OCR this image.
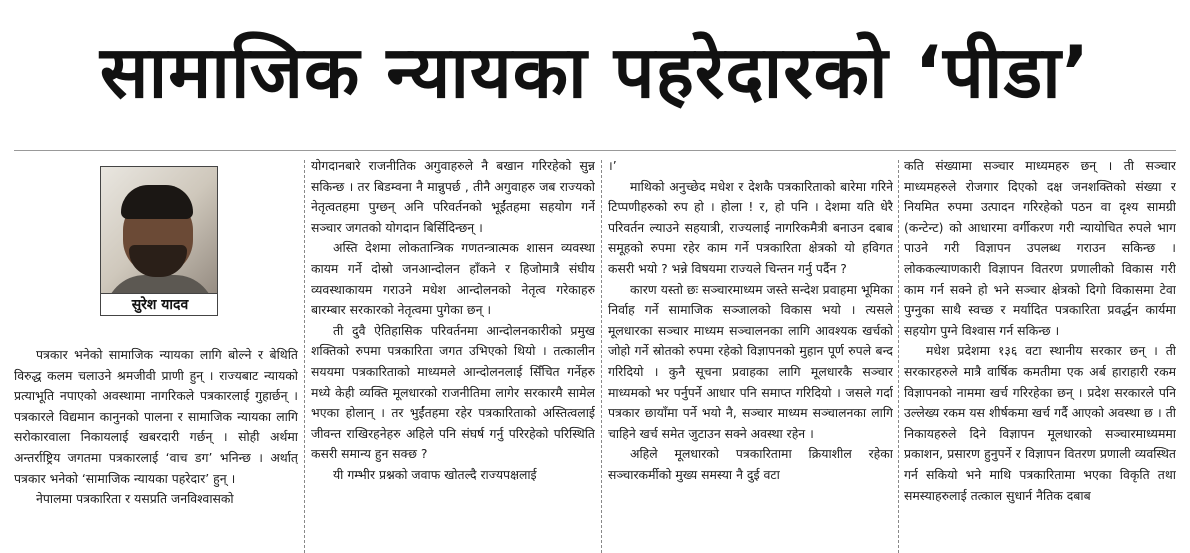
सामाजिक न्यायका पहरेदारको ‘पीडा’
सुरेश यादव

पत्रकार भनेको सामाजिक न्यायका लागि बोल्ने र बेथिति विरुद्ध कलम चलाउने श्रमजीवी प्राणी हुन् । राज्यबाट न्यायको प्रत्याभूति नपाएको अवस्थामा नागरिकले पत्रकारलाई गुहार्छन् । पत्रकारले विद्यमान कानुनको पालना र सामाजिक न्यायका लागि सरोकारवाला निकायलाई खबरदारी गर्छन् । सोही अर्थमा अन्तर्राष्ट्रिय जगतमा पत्रकारलाई ‘वाच डग’ भनिन्छ । अर्थात् पत्रकार भनेको ‘सामाजिक न्यायका पहरेदार’ हुन् ।

नेपालमा पत्रकारिता र यसप्रति जनविश्वासको

योगदानबारे राजनीतिक अगुवाहरुले नै बखान गरिरहेको सुन्न सकिन्छ । तर बिडम्वना नै मान्नुपर्छ , तीनै अगुवाहरु जब राज्यको नेतृत्वतहमा पुग्छन् अनि परिवर्तनको भूईंतहमा सहयोग गर्ने सञ्चार जगतको योगदान बिर्सिदिन्छन् ।

अस्ति देशमा लोकतान्त्रिक गणतन्त्रात्मक शासन व्यवस्था कायम गर्ने दोस्रो जनआन्दोलन हाँकने र हिजोमात्रै संघीय व्यवस्थाकायम गराउने मधेश आन्दोलनको नेतृत्व गरेकाहरु बारम्बार सरकारको नेतृत्वमा पुगेका छन् ।

ती दुवै ऐतिहासिक परिवर्तनमा आन्दोलनकारीको प्रमुख शक्तिको रुपमा पत्रकारिता जगत उभिएको थियो । तत्कालीन सययमा पत्रकारिताको माध्यमले आन्दोलनलाई सिँचित गर्नेहरु मध्ये केही व्यक्ति मूलधारको राजनीतिमा लागेर सरकारमै सामेल भएका होलान् । तर भुईंतहमा रहेर पत्रकारिताको अस्तित्वलाई जीवन्त राखिरहनेहरु अहिले पनि संघर्ष गर्नु परिरहेको परिस्थिति कसरी समान्य हुन सक्छ ?

यी गम्भीर प्रश्नको जवाफ खोतल्दै राज्यपक्षलाई

।’

माथिको अनुच्छेद मधेश र देशकै पत्रकारिताको बारेमा गरिने टिप्पणीहरुको रुप हो । होला ! र, हो पनि । देशमा यति धेरै परिवर्तन ल्याउने सहयात्री, राज्यलाई नागरिकमैत्री बनाउन दबाब समूहको रुपमा रहेर काम गर्ने पत्रकारिता क्षेत्रको यो हविगत कसरी भयो ? भन्ने विषयमा राज्यले चिन्तन गर्नु पर्दैन ?

कारण यस्तो छः सञ्चारमाध्यम जस्ते सन्देश प्रवाहमा भूमिका निर्वाह गर्ने सामाजिक सञ्जालको विकास भयो । त्यसले मूलधारका सञ्चार माध्यम सञ्चालनका लागि आवश्यक खर्चको जोहो गर्ने स्रोतको रुपमा रहेको विज्ञापनको मुहान पूर्ण रुपले बन्द गरिदियो । कुनै सूचना प्रवाहका लागि मूलधारकै सञ्चार माध्यमको भर पर्नुपर्ने आधार पनि समाप्त गरिदियो । जसले गर्दा पत्रकार छायाँमा पर्ने भयो नै, सञ्चार माध्यम सञ्चालनका लागि चाहिने खर्च समेत जुटाउन सक्ने अवस्था रहेन ।

अहिले मूलधारको पत्रकारितामा क्रियाशील रहेका सञ्चारकर्मीको मुख्य समस्या नै दुई वटा

कति संख्यामा सञ्चार माध्यमहरु छन् । ती सञ्चार माध्यमहरुले रोजगार दिएको दक्ष जनशक्तिको संख्या र नियमित रुपमा उत्पादन गरिरहेको पठन वा दृश्य सामग्री (कन्टेन्ट) को आधारमा वर्गीकरण गरी न्यायोचित रुपले भाग पाउने गरी विज्ञापन उपलब्ध गराउन सकिन्छ । लोककल्याणकारी विज्ञापन वितरण प्रणालीको विकास गरी काम गर्न सक्ने हो भने सञ्चार क्षेत्रको दिगो विकासमा टेवा पुग्नुका साथै स्वच्छ र मर्यादित पत्रकारिता प्रवर्द्धन कार्यमा सहयोग पुग्ने विश्वास गर्न सकिन्छ ।

मधेश प्रदेशमा १३६ वटा स्थानीय सरकार छन् । ती सरकारहरुले मात्रै वार्षिक कमतीमा एक अर्ब हाराहारी रकम विज्ञापनको नाममा खर्च गरिरहेका छन् । प्रदेश सरकारले पनि उल्लेख्य रकम यस शीर्षकमा खर्च गर्दै आएको अवस्था छ । ती निकायहरुले दिने विज्ञापन मूलधारको सञ्चारमाध्यममा प्रकाशन, प्रसारण हुनुपर्ने र विज्ञापन वितरण प्रणाली व्यवस्थित गर्न सकियो भने माथि पत्रकारितामा भएका विकृति तथा समस्याहरुलाई तत्काल सुधार्न नैतिक दबाब
